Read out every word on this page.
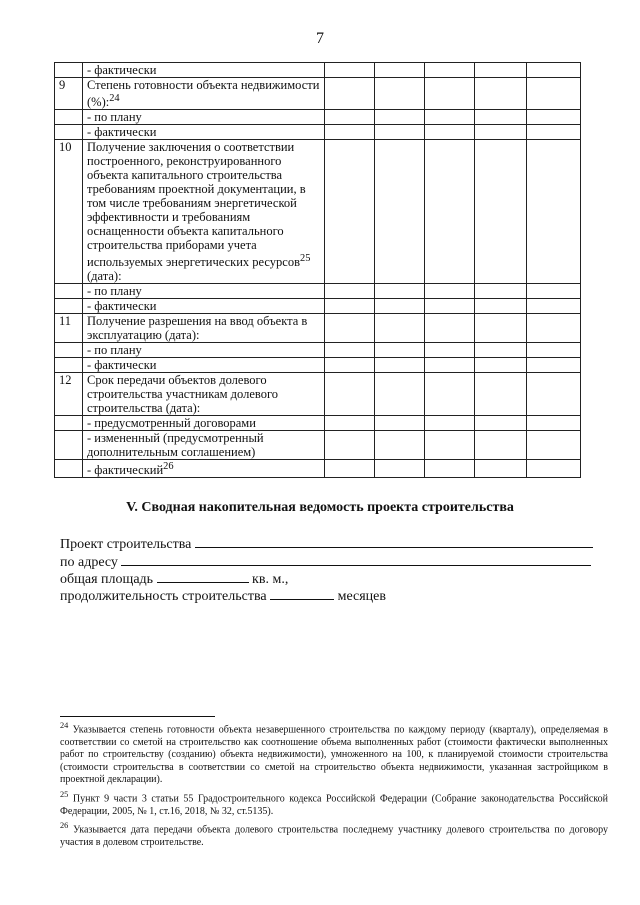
7
	- фактически					
9	Степень готовности объекта недвижимости (%):$^{24}$					
	- по плану					
	- фактически					
10	Получение заключения о соответствии построенного, реконструированного объекта капитального строительства требованиям проектной документации, в том числе требованиям энергетической эффективности и требованиям оснащенности объекта капитального строительства приборами учета используемых энергетических ресурсов$^{25}$ (дата):					
	- по плану					
	- фактически					
11	Получение разрешения на ввод объекта в эксплуатацию (дата):					
	- по плану					
	- фактически					
12	Срок передачи объектов долевого строительства участникам долевого строительства (дата):					
	- предусмотренный договорами					
	- измененный (предусмотренный дополнительным соглашением)					
	- фактический$^{26}$					
V. Сводная накопительная ведомость проекта строительства
Проект строительства
по адресу
общая площадь	кв. м.,
продолжительность строительства	месяцев

$^{24}$ Указывается степень готовности объекта незавершенного строительства по каждому периоду (кварталу), определяемая в соответствии со сметой на строительство как соотношение объема выполненных работ (стоимости фактически выполненных работ по строительству (созданию) объекта недвижимости), умноженного на 100, к планируемой стоимости строительства (стоимости строительства в соответствии со сметой на строительство объекта недвижимости, указанная застройщиком в проектной декларации).

$^{25}$ Пункт 9 части 3 статьи 55 Градостроительного кодекса Российской Федерации (Собрание законодательства Российской Федерации, 2005, № 1, ст.16, 2018, № 32, ст.5135).

$^{26}$ Указывается дата передачи объекта долевого строительства последнему участнику долевого строительства по договору участия в долевом строительстве.
